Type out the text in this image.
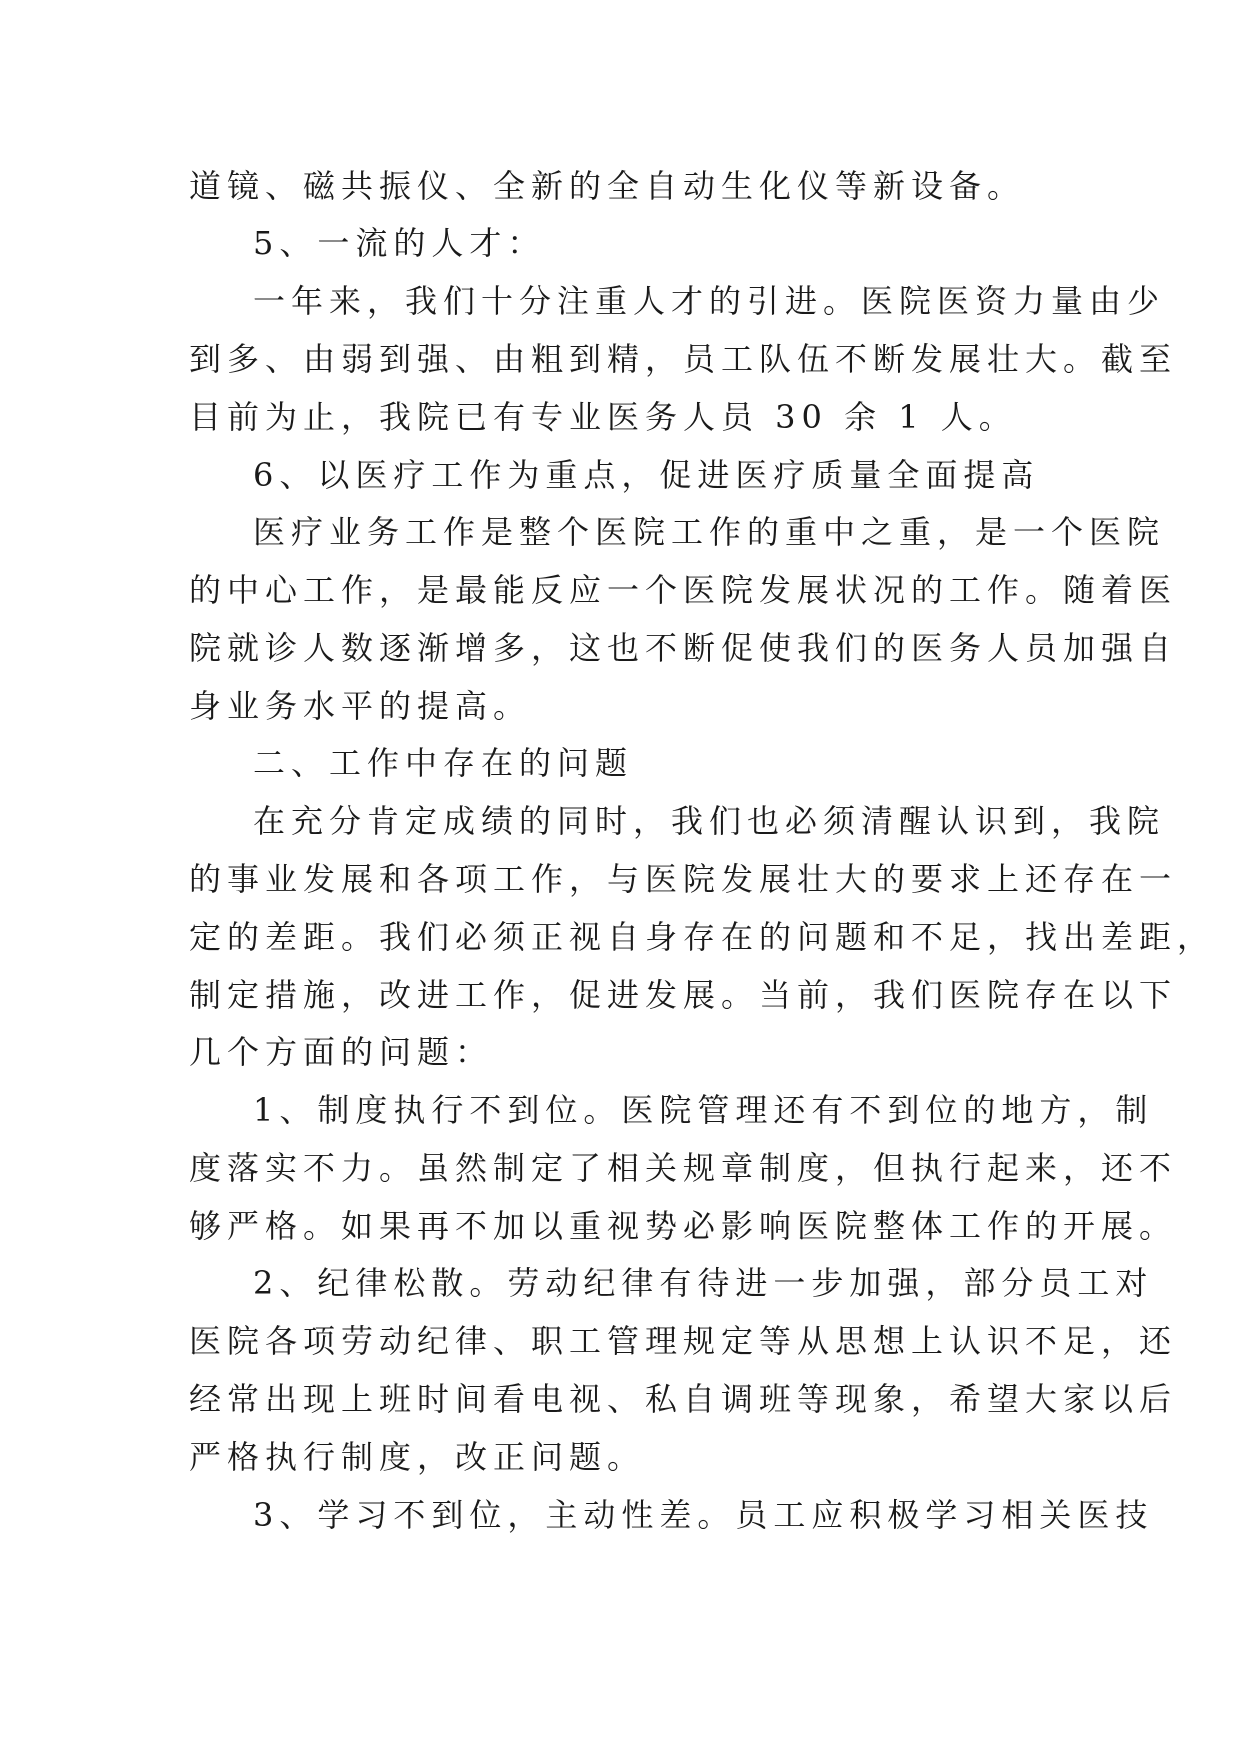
道镜、磁共振仪、全新的全自动生化仪等新设备。
5、一流的人才：
一年来，我们十分注重人才的引进。医院医资力量由少
到多、由弱到强、由粗到精，员工队伍不断发展壮大。截至
目前为止，我院已有专业医务人员 30 余 1 人。
6、以医疗工作为重点，促进医疗质量全面提高
医疗业务工作是整个医院工作的重中之重，是一个医院
的中心工作，是最能反应一个医院发展状况的工作。随着医
院就诊人数逐渐增多，这也不断促使我们的医务人员加强自
身业务水平的提高。
二、工作中存在的问题
在充分肯定成绩的同时，我们也必须清醒认识到，我院
的事业发展和各项工作，与医院发展壮大的要求上还存在一
定的差距。我们必须正视自身存在的问题和不足，找出差距，
制定措施，改进工作，促进发展。当前，我们医院存在以下
几个方面的问题：
1、制度执行不到位。医院管理还有不到位的地方，制
度落实不力。虽然制定了相关规章制度，但执行起来，还不
够严格。如果再不加以重视势必影响医院整体工作的开展。
2、纪律松散。劳动纪律有待进一步加强，部分员工对
医院各项劳动纪律、职工管理规定等从思想上认识不足，还
经常出现上班时间看电视、私自调班等现象，希望大家以后
严格执行制度，改正问题。
3、学习不到位，主动性差。员工应积极学习相关医技
